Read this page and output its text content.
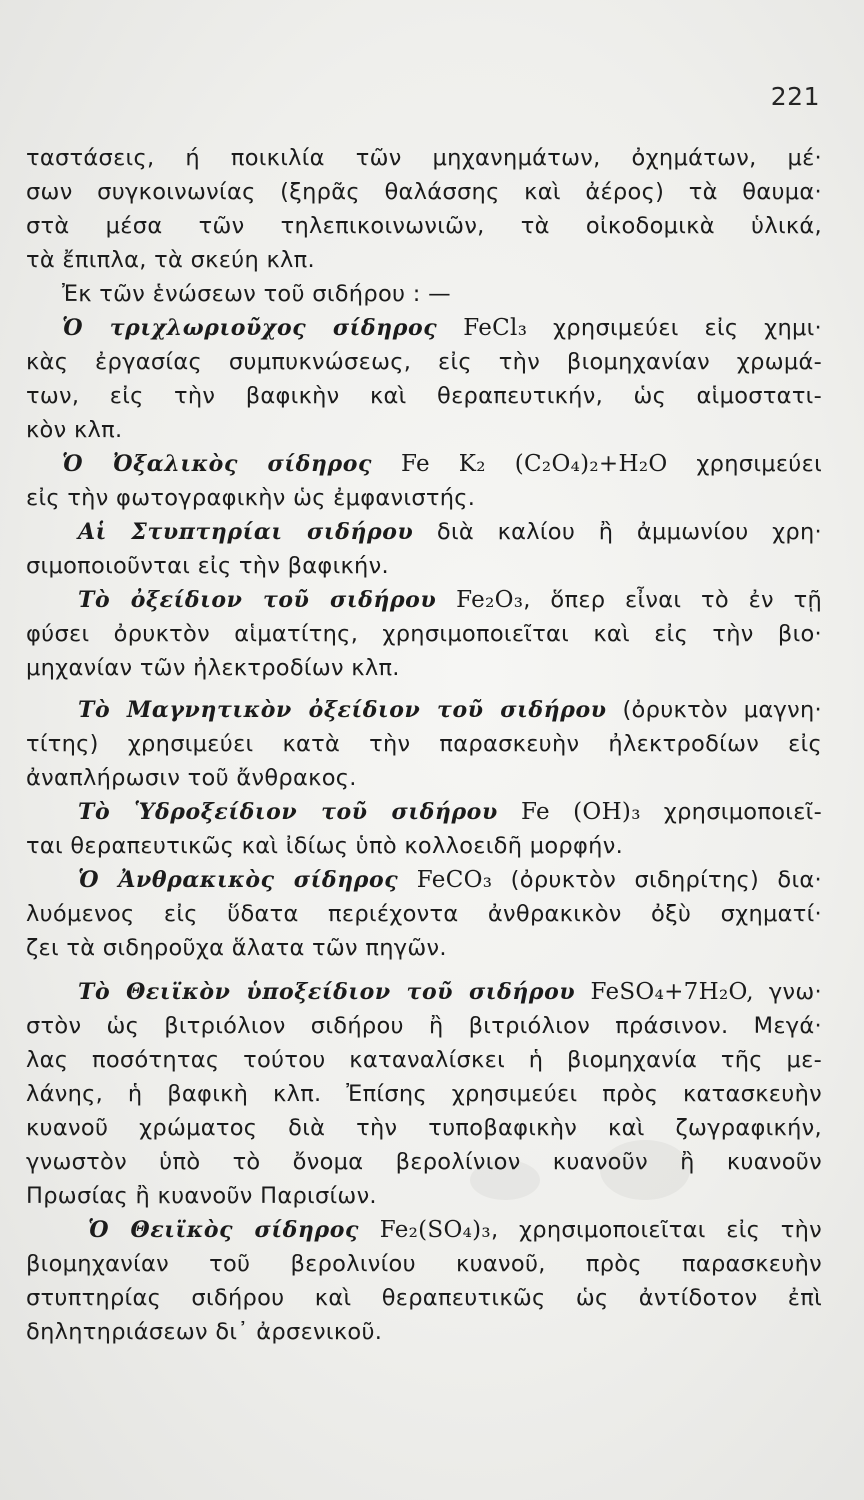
221
ταστάσεις, ή ποικιλία τῶν μηχανημάτων, ὀχημάτων, μέ·
σων συγκοινωνίας (ξηρᾶς θαλάσσης καὶ ἀέρος) τὰ θαυμα·
στὰ μέσα τῶν τηλεπικοινωνιῶν, τὰ οἰκοδομικὰ ὑλικά,
τὰ ἔπιπλα, τὰ σκεύη κλπ.
Ἐκ τῶν ἑνώσεων τοῦ σιδήρου : —
Ὁ τριχλωριοῦχος σίδηρος FeCl₃ χρησιμεύει εἰς χημι·
κὰς ἐργασίας συμπυκνώσεως, εἰς τὴν βιομηχανίαν χρωμά-
των, εἰς τὴν βαφικὴν καὶ θεραπευτικήν, ὡς αἱμοστατι-
κὸν κλπ.
Ὁ Ὀξαλικὸς σίδηρος Fe K₂ (C₂O₄)₂+H₂O χρησιμεύει
εἰς τὴν φωτογραφικὴν ὡς ἐμφανιστής.
Αἱ Στυπτηρίαι σιδήρου διὰ καλίου ἢ ἀμμωνίου χρη·
σιμοποιοῦνται εἰς τὴν βαφικήν.
Τὸ ὀξείδιον τοῦ σιδήρου Fe₂O₃, ὅπερ εἶναι τὸ ἐν τῇ
φύσει ὀρυκτὸν αἱματίτης, χρησιμοποιεῖται καὶ εἰς τὴν βιο·
μηχανίαν τῶν ἠλεκτροδίων κλπ.
Τὸ Μαγνητικὸν ὀξείδιον τοῦ σιδήρου (ὀρυκτὸν μαγνη·
τίτης) χρησιμεύει κατὰ τὴν παρασκευὴν ἠλεκτροδίων εἰς
ἀναπλήρωσιν τοῦ ἄνθρακος.
Τὸ Ὑδροξείδιον τοῦ σιδήρου Fe (OH)₃ χρησιμοποιεῖ-
ται θεραπευτικῶς καὶ ἰδίως ὑπὸ κολλοειδῆ μορφήν.
Ὁ Ἀνθρακικὸς σίδηρος FeCO₃ (ὀρυκτὸν σιδηρίτης) δια·
λυόμενος εἰς ὕδατα περιέχοντα ἀνθρακικὸν ὀξὺ σχηματί·
ζει τὰ σιδηροῦχα ἅλατα τῶν πηγῶν.
Τὸ Θειϊκὸν ὑποξείδιον τοῦ σιδήρου FeSO₄+7H₂O, γνω·
στὸν ὡς βιτριόλιον σιδήρου ἢ βιτριόλιον πράσινον. Μεγά·
λας ποσότητας τούτου καταναλίσκει ἡ βιομηχανία τῆς με-
λάνης, ἡ βαφικὴ κλπ. Ἐπίσης χρησιμεύει πρὸς κατασκευὴν
κυανοῦ χρώματος διὰ τὴν τυποβαφικὴν καὶ ζωγραφικήν,
γνωστὸν ὑπὸ τὸ ὄνομα βερολίνιον κυανοῦν ἢ κυανοῦν
Πρωσίας ἢ κυανοῦν Παρισίων.
Ὁ Θειϊκὸς σίδηρος Fe₂(SO₄)₃, χρησιμοποιεῖται εἰς τὴν
βιομηχανίαν τοῦ βερολινίου κυανοῦ, πρὸς παρασκευὴν
στυπτηρίας σιδήρου καὶ θεραπευτικῶς ὡς ἀντίδοτον ἐπὶ
δηλητηριάσεων δι᾽ ἀρσενικοῦ.
